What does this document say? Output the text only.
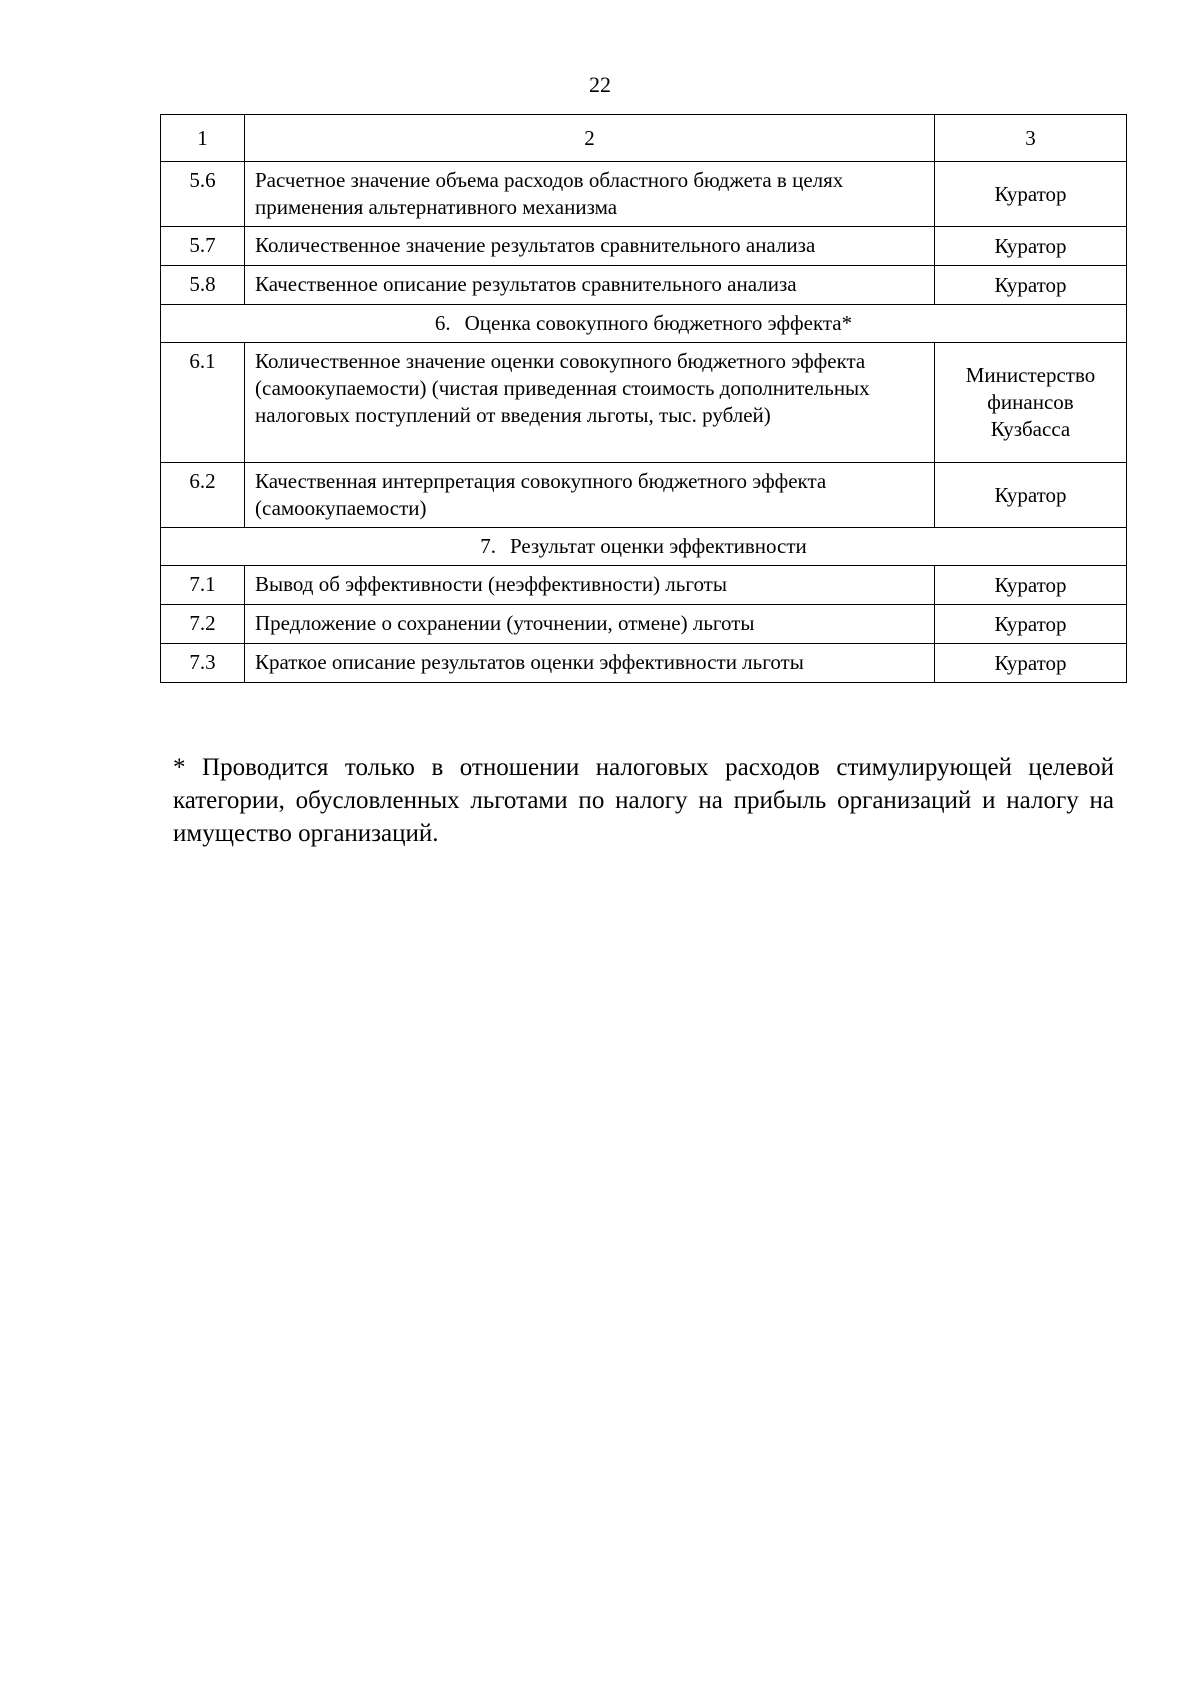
22
1	2	3
5.6	Расчетное значение объема расходов областного бюджета в целях применения альтернативного механизма	Куратор
5.7	Количественное значение результатов сравнительного анализа	Куратор
5.8	Качественное описание результатов сравнительного анализа	Куратор
6. Оценка совокупного бюджетного эффекта*		
6.1	Количественное значение оценки совокупного бюджетного эффекта (самоокупаемости) (чистая приведенная стоимость дополнительных налоговых поступлений от введения льготы, тыс. рублей)	Министерство финансов Кузбасса
6.2	Качественная интерпретация совокупного бюджетного эффекта (самоокупаемости)	Куратор
7. Результат оценки эффективности		
7.1	Вывод об эффективности (неэффективности) льготы	Куратор
7.2	Предложение о сохранении (уточнении, отмене) льготы	Куратор
7.3	Краткое описание результатов оценки эффективности льготы	Куратор

* Проводится только в отношении налоговых расходов стимулирующей целевой категории, обусловленных льготами по налогу на прибыль организаций и налогу на имущество организаций.
